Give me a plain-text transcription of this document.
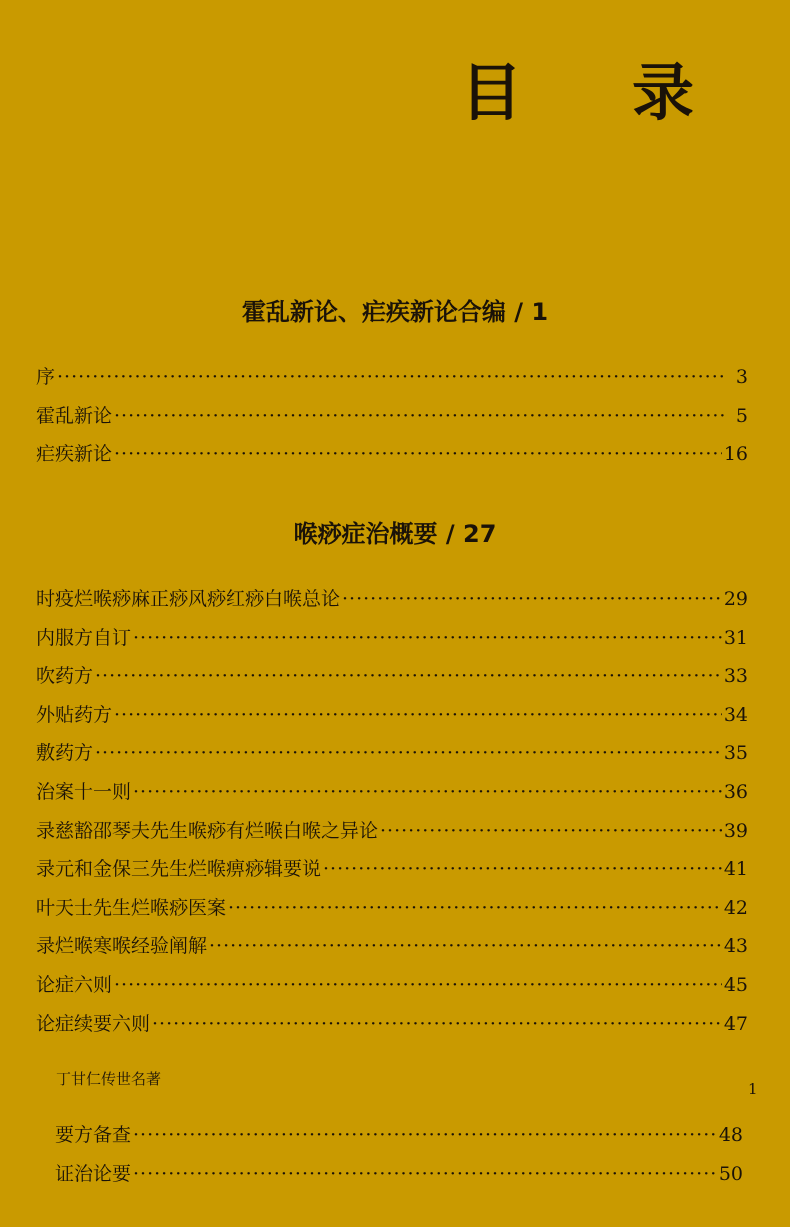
目 录
霍乱新论、疟疾新论合编 / 1
序 ·····	3
霍乱新论 ·····	5
疟疾新论 ·····	16
喉痧症治概要 / 27
时疫烂喉痧麻正痧风痧红痧白喉总论 ·····	29
内服方自订 ·····	31
吹药方 ·····	33
外贴药方 ·····	34
敷药方 ·····	35
治案十一则 ·····	36
录慈豁邵琴夫先生喉痧有烂喉白喉之异论 ·····	39
录元和金保三先生烂喉痹痧辑要说 ·····	41
叶天士先生烂喉痧医案 ·····	42
录烂喉寒喉经验阐解 ·····	43
论症六则 ·····	45
论症续要六则 ·····	47

丁甘仁传世名著

1

要方备查 ·····	48
证治论要 ·····	50
